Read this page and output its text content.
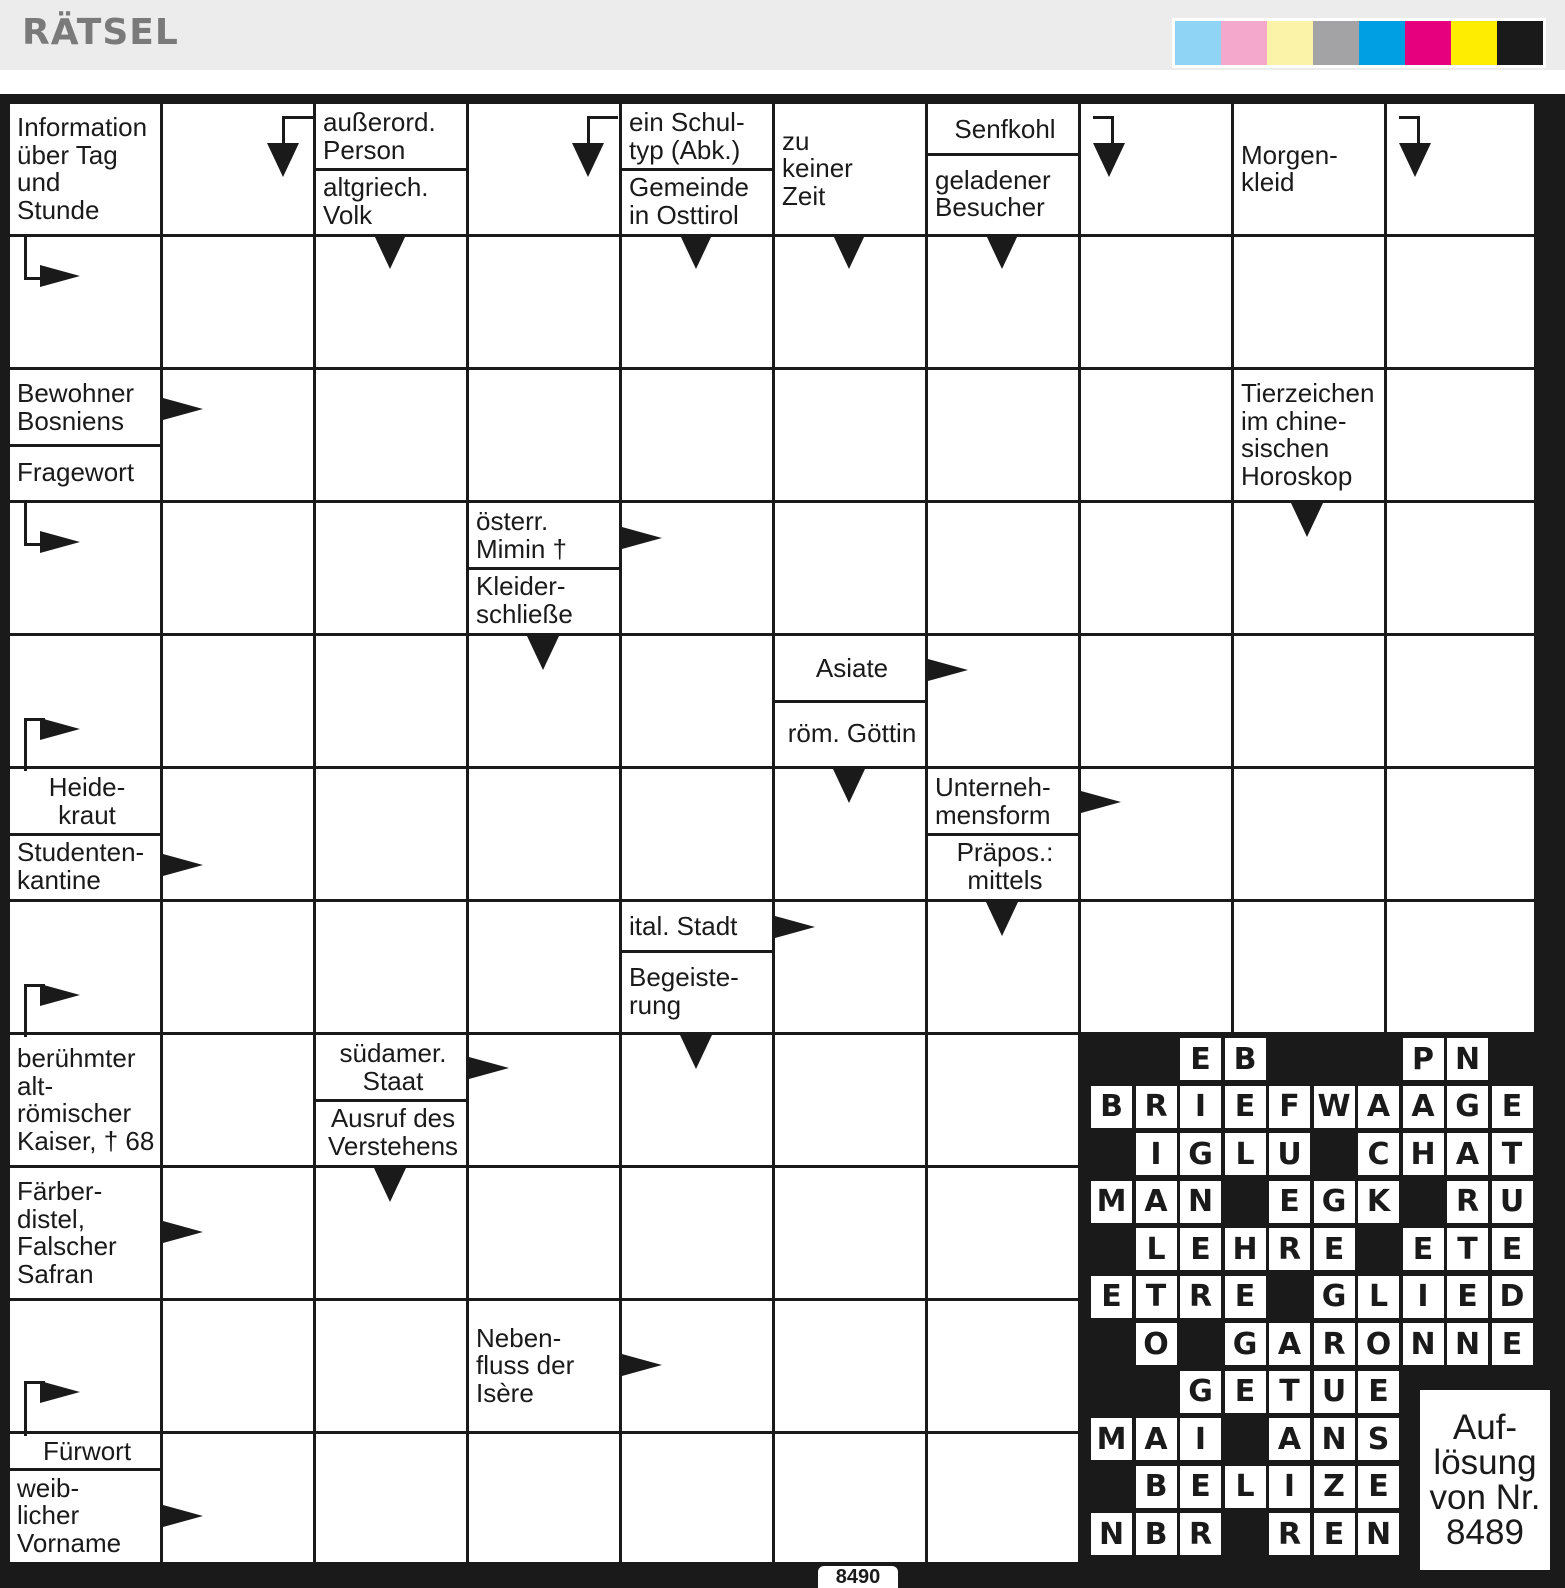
RÄTSEL
Information
über Tag
und
Stunde
außerord.
Person
altgriech.
Volk
ein Schul-
typ (Abk.)
Gemeinde
in Osttirol
zu
keiner
Zeit
Senfkohl
geladener
Besucher
Morgen-
kleid
Bewohner
Bosniens
Fragewort
Tierzeichen
im chine-
sischen
Horoskop
österr.
Mimin †
Kleider-
schließe
Asiate
röm. Göttin
Heide-
kraut
Studenten-
kantine
Unterneh-
mensform
Präpos.:
mittels
ital. Stadt
Begeiste-
rung
berühmter
alt-
römischer
Kaiser, † 68
südamer.
Staat
Ausruf des
Verstehens
Färber-
distel,
Falscher
Safran
Neben-
fluss der
Isère
Fürwort
weib-
licher
Vorname
E B	P N
B R I E F W A A G E
I G L U	C H A T
M A N	E G K R U
L E H R E	E T E
E T R E	G L I E D
O G A R O N N E
G E T U E
M A I	A N S
B E L I Z E
N B R R E N
Auf-
lösung
von Nr.
8489
8490
